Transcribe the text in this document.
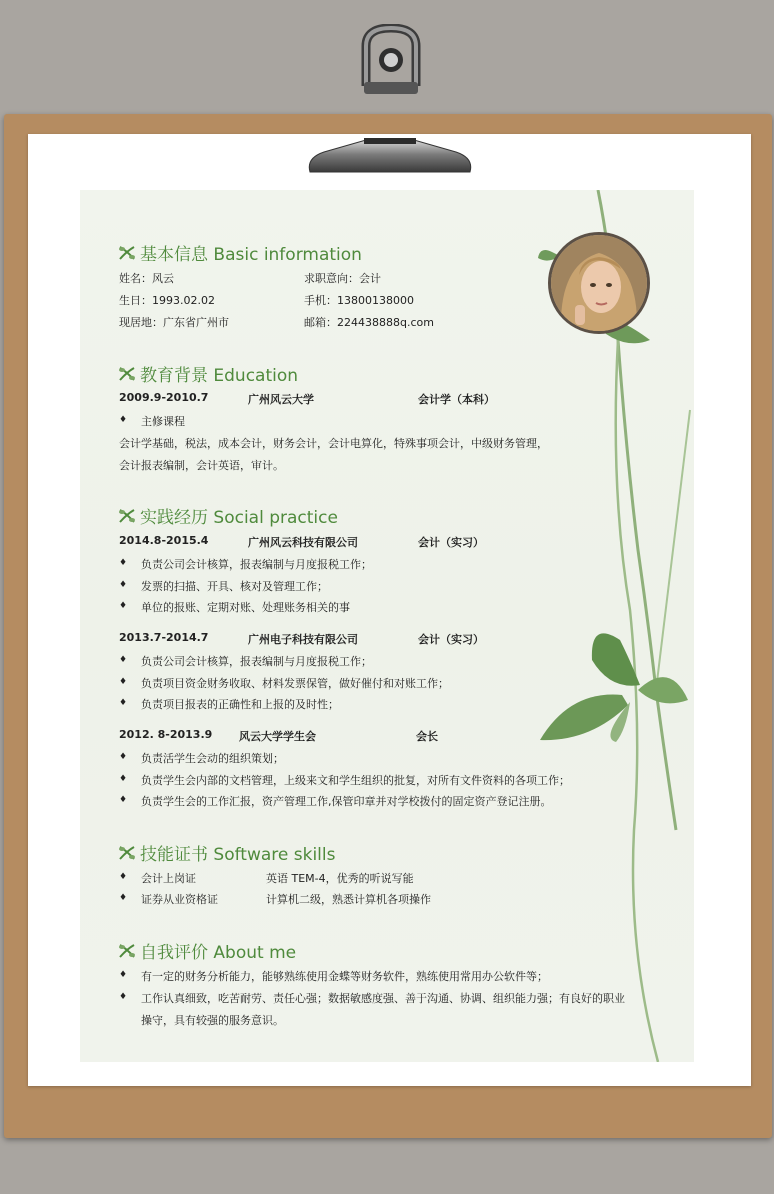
基本信息 Basic information
姓名：风云	求职意向：会计
生日：1993.02.02	手机：13800138000
现居地：广东省广州市	邮箱：224438888q.com
教育背景 Education
2009.9-2010.7	广州风云大学	会计学（本科）
♦ 主修课程
会计学基础，税法，成本会计，财务会计，会计电算化，特殊事项会计，中级财务管理，
会计报表编制，会计英语，审计。
实践经历 Social practice
2014.8-2015.4	广州风云科技有限公司	会计（实习）
♦ 负责公司会计核算，报表编制与月度报税工作；
♦ 发票的扫描、开具、核对及管理工作；
♦ 单位的报账、定期对账、处理账务相关的事
2013.7-2014.7	广州电子科技有限公司	会计（实习）
♦ 负责公司会计核算，报表编制与月度报税工作；
♦ 负责项目资金财务收取、材料发票保管，做好催付和对账工作；
♦ 负责项目报表的正确性和上报的及时性；
2012. 8-2013.9 风云大学学生会	会长
♦ 负责活学生会动的组织策划；
♦ 负责学生会内部的文档管理，上级来文和学生组织的批复，对所有文件资料的各项工作；
♦ 负责学生会的工作汇报，资产管理工作,保管印章并对学校拨付的固定资产登记注册。
技能证书 Software skills
♦ 会计上岗证	英语 TEM-4，优秀的听说写能
♦ 证券从业资格证	计算机二级，熟悉计算机各项操作
自我评价 About me
♦ 有一定的财务分析能力，能够熟练使用金蝶等财务软件，熟练使用常用办公软件等；
♦ 工作认真细致，吃苦耐劳、责任心强；数据敏感度强、善于沟通、协调、组织能力强；有良好的职业
操守，具有较强的服务意识。
